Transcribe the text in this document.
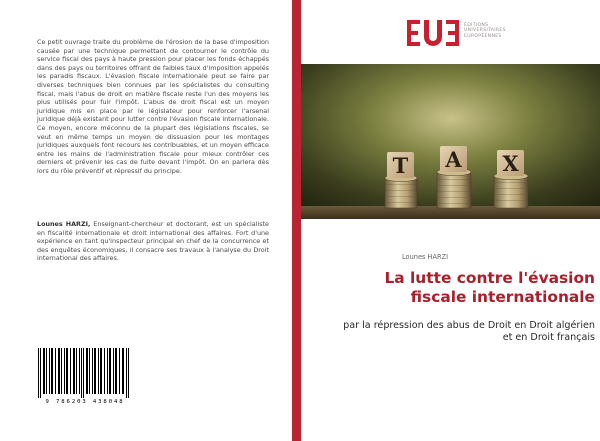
Ce petit ouvrage traite du problème de l'érosion de la base d'imposition causée par une technique permettant de contourner le contrôle du service fiscal des pays à haute pression pour placer les fonds échappés dans des pays ou territoires offrant de faibles taux d'imposition appelés les paradis fiscaux. L'évasion fiscale internationale peut se faire par diverses techniques bien connues par les spécialistes du consulting fiscal, mais l'abus de droit en matière fiscale reste l'un des moyens les plus utilisés pour fuir l'impôt. L'abus de droit fiscal est un moyen juridique mis en place par le législateur pour renforcer l'arsenal juridique déjà existant pour lutter contre l'évasion fiscale internationale. Ce moyen, encore méconnu de la plupart des législations fiscales, se veut en même temps un moyen de dissuasion pour les montages juridiques auxquels font recours les contribuables, et un moyen efficace entre les mains de l'administration fiscale pour mieux contrôler ces derniers et prévenir les cas de fuite devant l'impôt. On en parlera dès lors du rôle préventif et répressif du principe.

Lounes HARZI, Enseignant-chercheur et doctorant, est un spécialiste en fiscalité internationale et droit international des affaires. Fort d'une expérience en tant qu'inspecteur principal en chef de la concurrence et des enquêtes économiques, il consacre ses travaux à l'analyse du Droit international des affaires.

9 786203 438048
ÉDITIONS
UNIVERSITAIRES
EUROPÉENNES
T A X
Lounes HARZI
La lutte contre l'évasion fiscale internationale

par la répression des abus de Droit en Droit algérien et en Droit français
